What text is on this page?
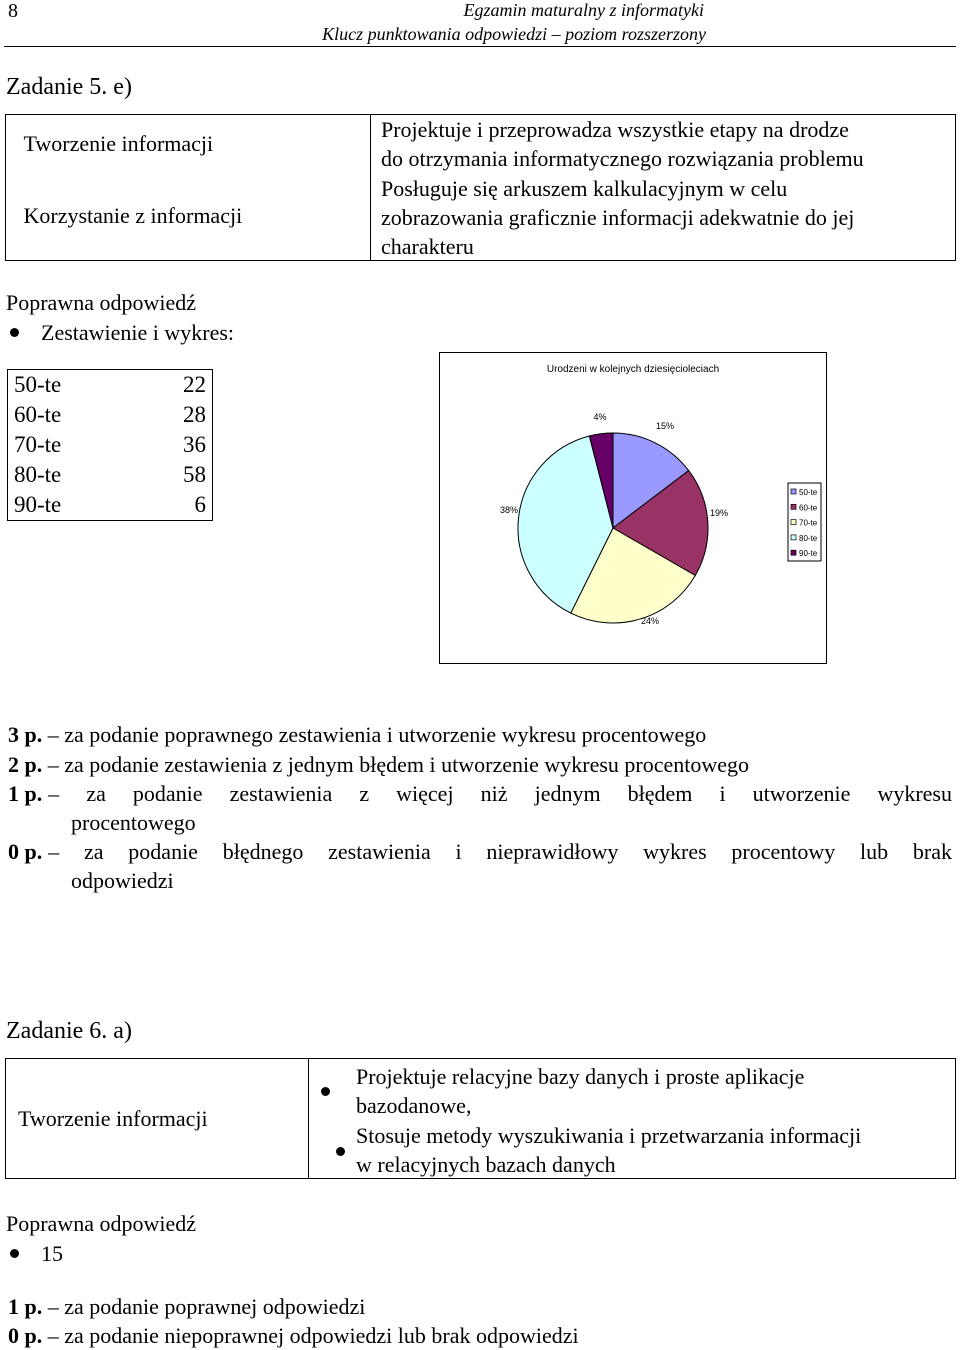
8	Egzamin maturalny z informatyki
Klucz punktowania odpowiedzi – poziom rozszerzony
Zadanie 5. e)
Tworzenie informacji
Korzystanie z informacji

Projektuje i przeprowadza wszystkie etapy na drodze
do otrzymania informatycznego rozwiązania problemu
Posługuje się arkuszem kalkulacyjnym w celu
zobrazowania graficznie informacji adekwatnie do jej
charakteru
Poprawna odpowiedź
Zestawienie i wykres:
50-te	22
60-te	28
70-te	36
80-te	58
90-te	6
Urodzeni w kolejnych dziesięcioleciach
15%
19%
24%
38%
4%
50-te
60-te
70-te
80-te
90-te
3 p. – za podanie poprawnego zestawienia i utworzenie wykresu procentowego
2 p. – za podanie zestawienia z jednym błędem i utworzenie wykresu procentowego
1 p. – za podanie zestawienia z więcej niż jednym błędem i utworzenie wykresu
procentowego
0 p. – za podanie błędnego zestawienia i nieprawidłowy wykres procentowy lub brak
odpowiedzi
Zadanie 6. a)
Tworzenie informacji

Projektuje relacyjne bazy danych i proste aplikacje
bazodanowe,
Stosuje metody wyszukiwania i przetwarzania informacji
w relacyjnych bazach danych
Poprawna odpowiedź
15
1 p. – za podanie poprawnej odpowiedzi
0 p. – za podanie niepoprawnej odpowiedzi lub brak odpowiedzi
